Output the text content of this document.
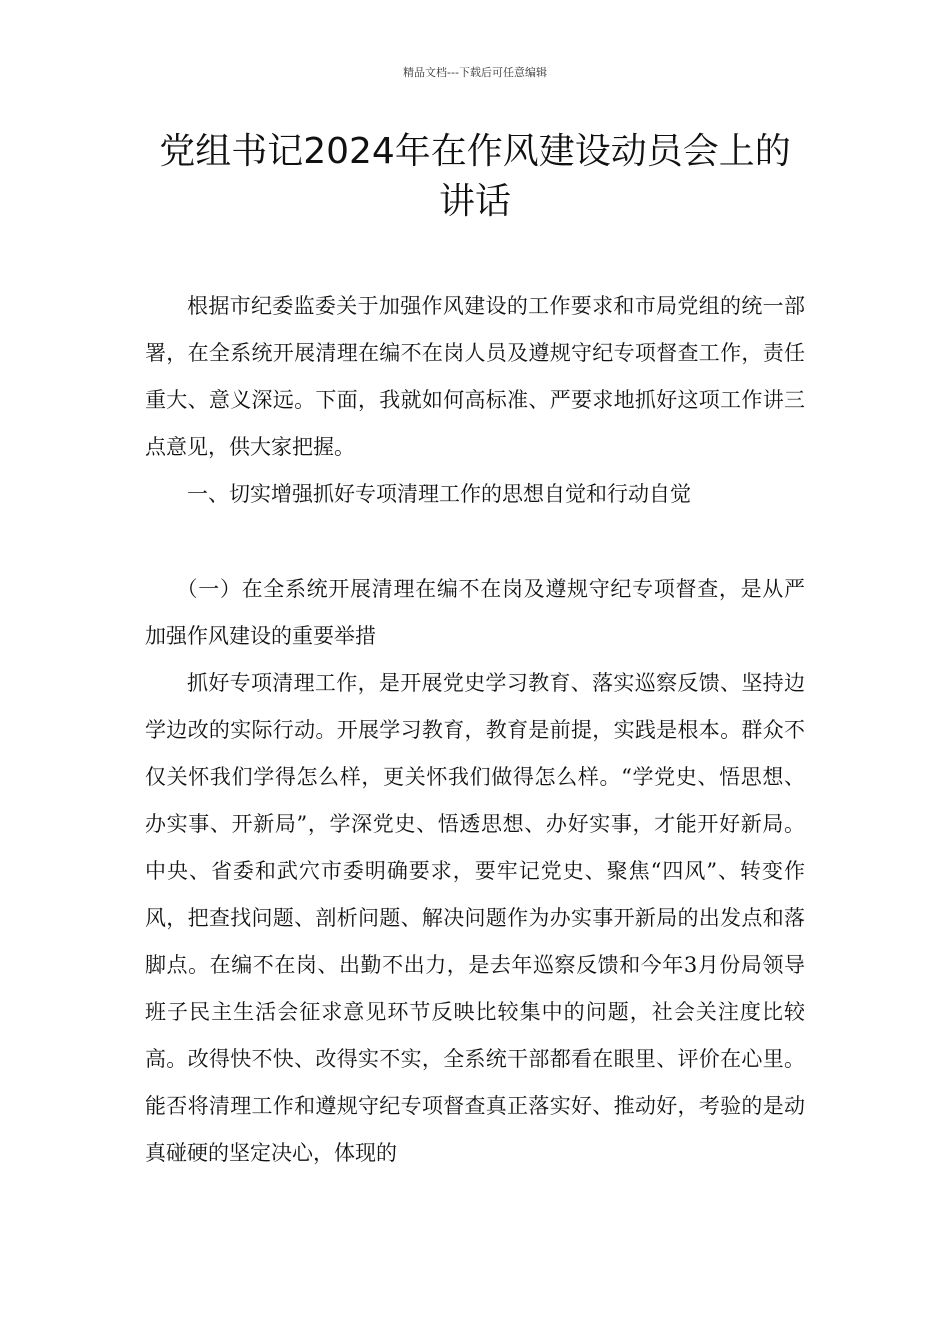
精品文档---下载后可任意编辑
党组书记2024年在作风建设动员会上的讲话

根据市纪委监委关于加强作风建设的工作要求和市局党组的统一部署，在全系统开展清理在编不在岗人员及遵规守纪专项督查工作，责任重大、意义深远。下面，我就如何高标准、严要求地抓好这项工作讲三点意见，供大家把握。

一、切实增强抓好专项清理工作的思想自觉和行动自觉

（一）在全系统开展清理在编不在岗及遵规守纪专项督查，是从严加强作风建设的重要举措

抓好专项清理工作，是开展党史学习教育、落实巡察反馈、坚持边学边改的实际行动。开展学习教育，教育是前提，实践是根本。群众不仅关怀我们学得怎么样，更关怀我们做得怎么样。“学党史、悟思想、办实事、开新局”，学深党史、悟透思想、办好实事，才能开好新局。中央、省委和武穴市委明确要求，要牢记党史、聚焦“四风”、转变作风，把查找问题、剖析问题、解决问题作为办实事开新局的出发点和落脚点。在编不在岗、出勤不出力，是去年巡察反馈和今年3月份局领导班子民主生活会征求意见环节反映比较集中的问题，社会关注度比较高。改得快不快、改得实不实，全系统干部都看在眼里、评价在心里。能否将清理工作和遵规守纪专项督查真正落实好、推动好，考验的是动真碰硬的坚定决心，体现的
